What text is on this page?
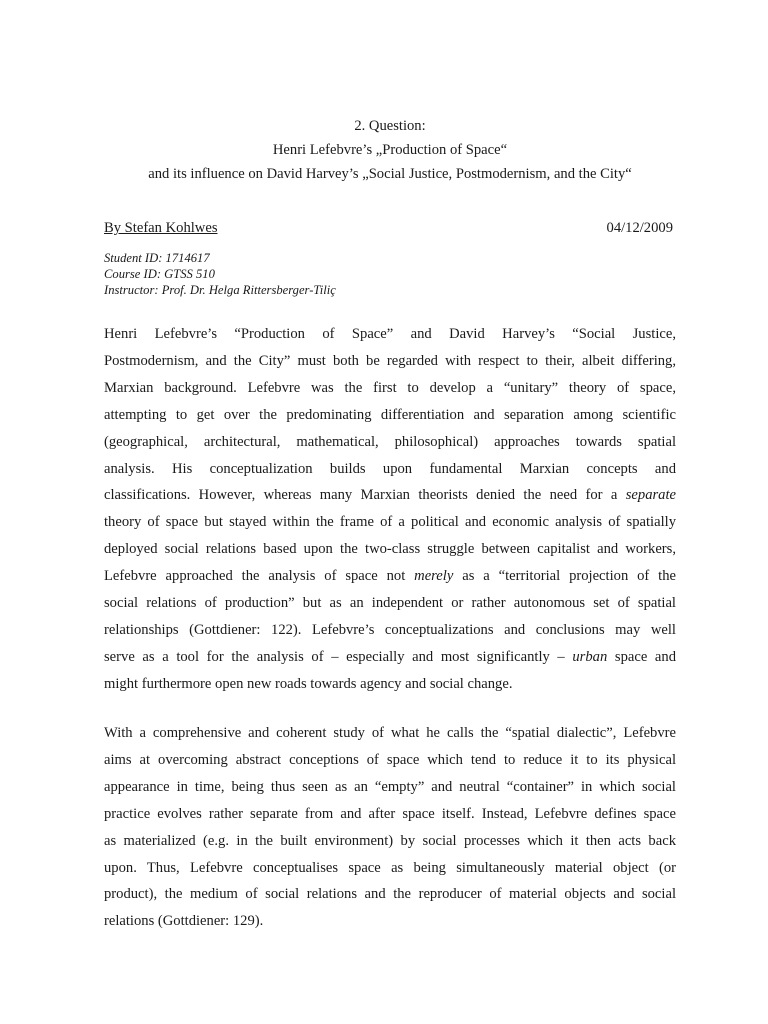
2. Question:
Henri Lefebvre’s „Production of Space“
and its influence on David Harvey’s „Social Justice, Postmodernism, and the City“
By Stefan Kohlwes	04/12/2009
Student ID: 1714617
Course ID: GTSS 510
Instructor: Prof. Dr. Helga Rittersberger-Tiliç
Henri Lefebvre’s “Production of Space” and David Harvey’s “Social Justice,
Postmodernism, and the City” must both be regarded with respect to their, albeit differing,
Marxian background. Lefebvre was the first to develop a “unitary” theory of space,
attempting to get over the predominating differentiation and separation among scientific
(geographical, architectural, mathematical, philosophical) approaches towards spatial
analysis. His conceptualization builds upon fundamental Marxian concepts and
classifications. However, whereas many Marxian theorists denied the need for a separate
theory of space but stayed within the frame of a political and economic analysis of spatially
deployed social relations based upon the two-class struggle between capitalist and workers,
Lefebvre approached the analysis of space not merely as a “territorial projection of the
social relations of production” but as an independent or rather autonomous set of spatial
relationships (Gottdiener: 122). Lefebvre’s conceptualizations and conclusions may well
serve as a tool for the analysis of – especially and most significantly – urban space and
might furthermore open new roads towards agency and social change.
With a comprehensive and coherent study of what he calls the “spatial dialectic”, Lefebvre
aims at overcoming abstract conceptions of space which tend to reduce it to its physical
appearance in time, being thus seen as an “empty” and neutral “container” in which social
practice evolves rather separate from and after space itself. Instead, Lefebvre defines space
as materialized (e.g. in the built environment) by social processes which it then acts back
upon. Thus, Lefebvre conceptualises space as being simultaneously material object (or
product), the medium of social relations and the reproducer of material objects and social
relations (Gottdiener: 129).
